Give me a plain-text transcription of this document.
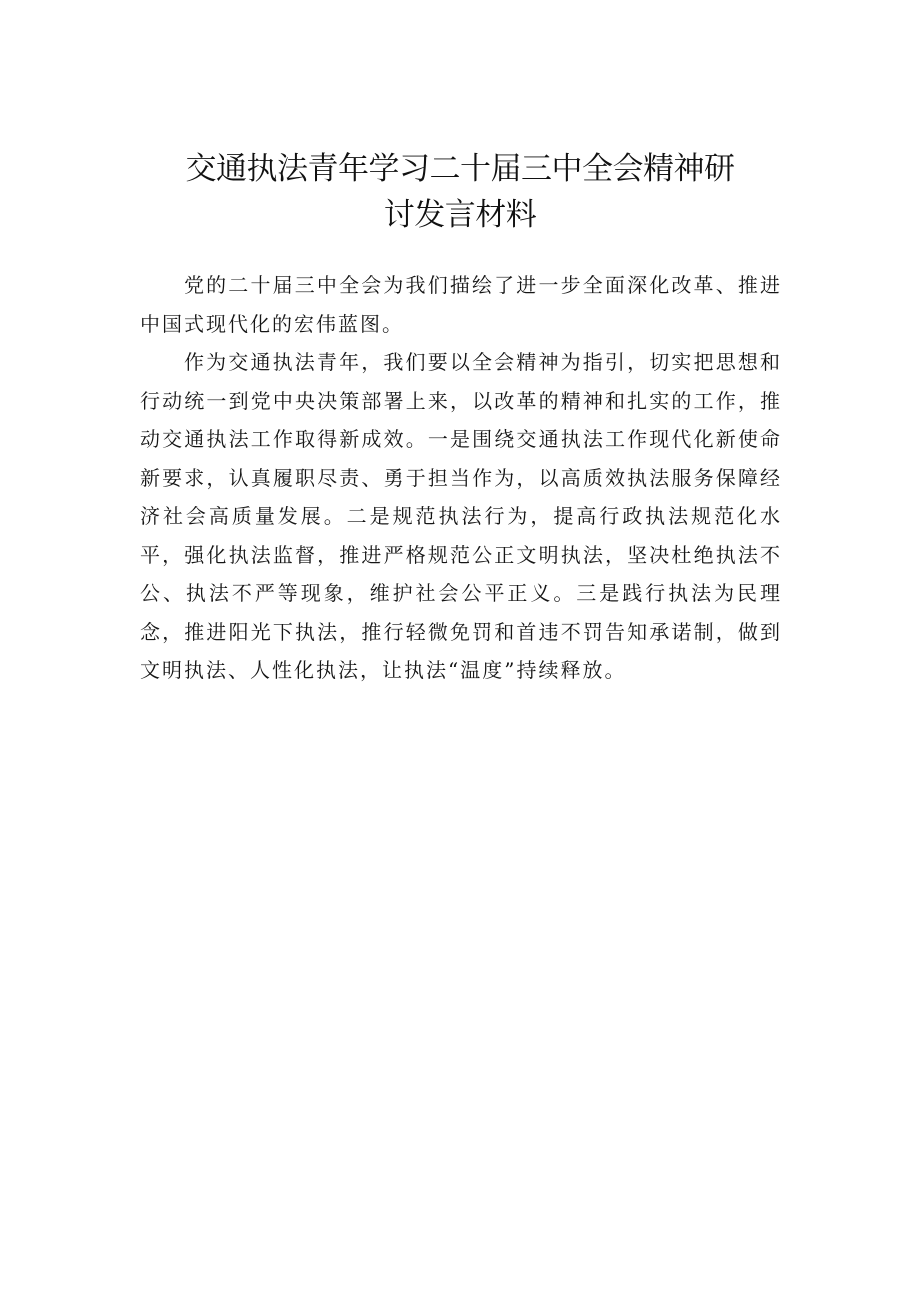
交通执法青年学习二十届三中全会精神研
讨发言材料

党的二十届三中全会为我们描绘了进一步全面深化改革、推进中国式现代化的宏伟蓝图。

作为交通执法青年，我们要以全会精神为指引，切实把思想和行动统一到党中央决策部署上来，以改革的精神和扎实的工作，推动交通执法工作取得新成效。一是围绕交通执法工作现代化新使命新要求，认真履职尽责、勇于担当作为，以高质效执法服务保障经济社会高质量发展。二是规范执法行为，提高行政执法规范化水平，强化执法监督，推进严格规范公正文明执法，坚决杜绝执法不公、执法不严等现象，维护社会公平正义。三是践行执法为民理念，推进阳光下执法，推行轻微免罚和首违不罚告知承诺制，做到文明执法、人性化执法，让执法“温度”持续释放。
